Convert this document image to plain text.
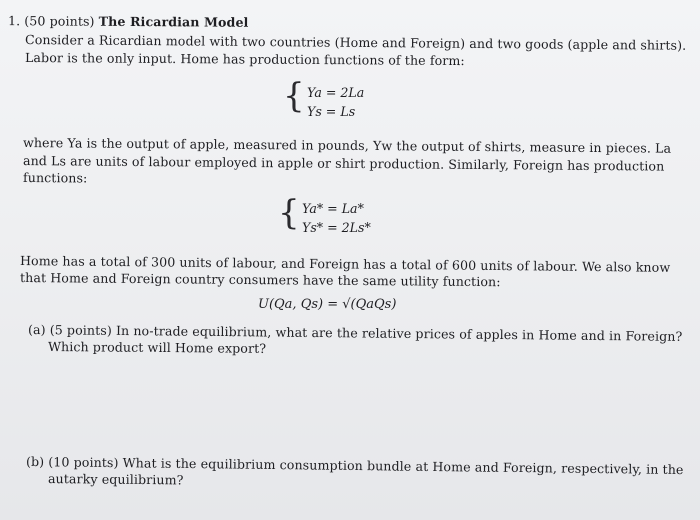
1. (50 points) The Ricardian Model
Consider a Ricardian model with two countries (Home and Foreign) and two goods (apple and shirts).
Labor is the only input. Home has production functions of the form:
{ Ya = 2La
Ys = Ls
where Ya is the output of apple, measured in pounds, Yw the output of shirts, measure in pieces. La
and Ls are units of labour employed in apple or shirt production. Similarly, Foreign has production
functions:
{ Ya* = La*
Ys* = 2Ls*
Home has a total of 300 units of labour, and Foreign has a total of 600 units of labour. We also know
that Home and Foreign country consumers have the same utility function:
U(Qa, Qs) = √(QaQs)
(a) (5 points) In no-trade equilibrium, what are the relative prices of apples in Home and in Foreign?
Which product will Home export?
(b) (10 points) What is the equilibrium consumption bundle at Home and Foreign, respectively, in the
autarky equilibrium?
